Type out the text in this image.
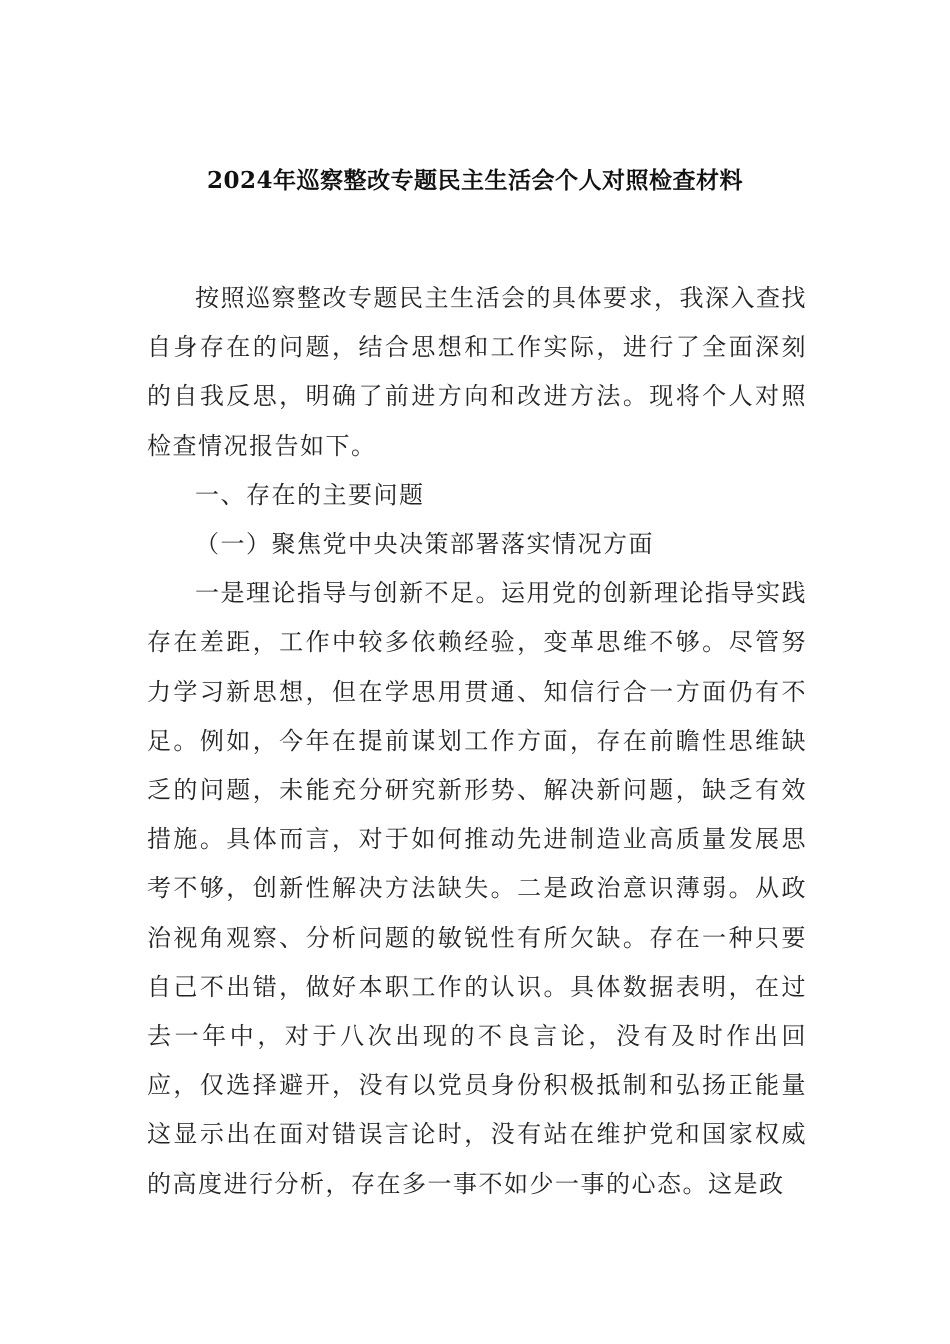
2024年巡察整改专题民主生活会个人对照检查材料

按照巡察整改专题民主生活会的具体要求，我深入查找自身存在的问题，结合思想和工作实际，进行了全面深刻的自我反思，明确了前进方向和改进方法。现将个人对照检查情况报告如下。

一、存在的主要问题

（一）聚焦党中央决策部署落实情况方面

一是理论指导与创新不足。运用党的创新理论指导实践存在差距，工作中较多依赖经验，变革思维不够。尽管努力学习新思想，但在学思用贯通、知信行合一方面仍有不足。例如，今年在提前谋划工作方面，存在前瞻性思维缺乏的问题，未能充分研究新形势、解决新问题，缺乏有效措施。具体而言，对于如何推动先进制造业高质量发展思考不够，创新性解决方法缺失。二是政治意识薄弱。从政治视角观察、分析问题的敏锐性有所欠缺。存在一种只要自己不出错，做好本职工作的认识。具体数据表明，在过去一年中，对于八次出现的不良言论，没有及时作出回应，仅选择避开，没有以党员身份积极抵制和弘扬正能量这显示出在面对错误言论时，没有站在维护党和国家权威的高度进行分析，存在多一事不如少一事的心态。这是政
